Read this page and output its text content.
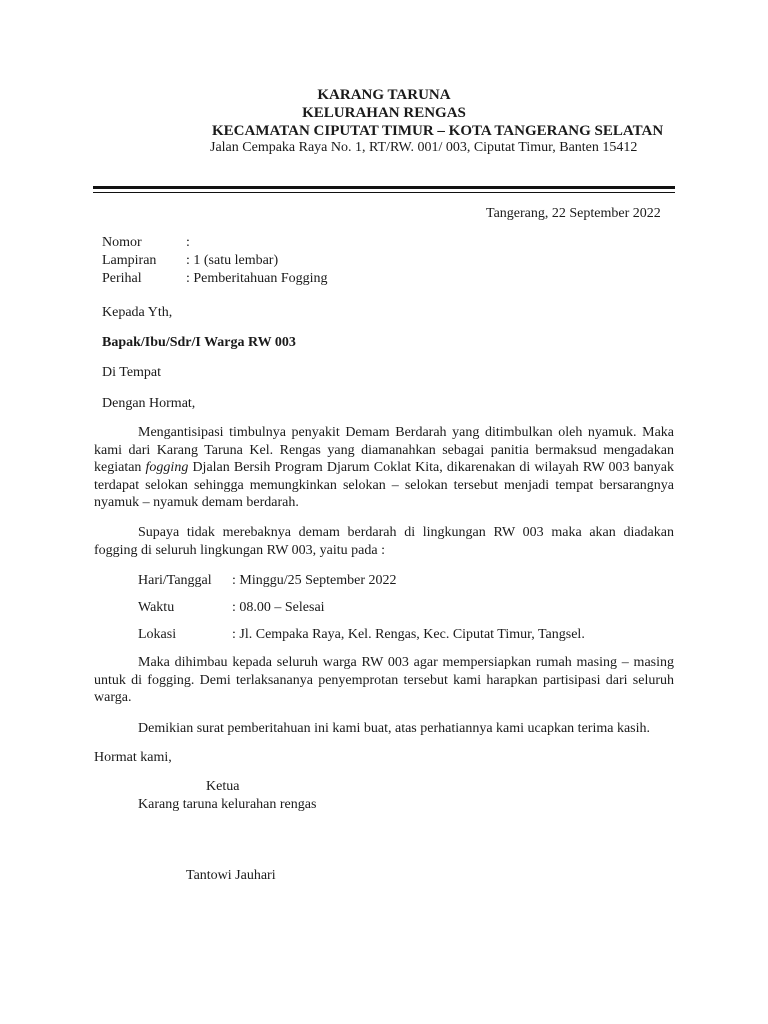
KARANG TARUNA
KELURAHAN RENGAS
KECAMATAN CIPUTAT TIMUR – KOTA TANGERANG SELATAN
Jalan Cempaka Raya No. 1, RT/RW. 001/ 003, Ciputat Timur, Banten 15412
Tangerang, 22 September 2022
Nomor	:
Lampiran : 1 (satu lembar)
Perihal	: Pemberitahuan Fogging
Kepada Yth,
Bapak/Ibu/Sdr/I Warga RW 003
Di Tempat
Dengan Hormat,
Mengantisipasi timbulnya penyakit Demam Berdarah yang ditimbulkan oleh nyamuk. Maka kami dari Karang Taruna Kel. Rengas yang diamanahkan sebagai panitia bermaksud mengadakan kegiatan fogging Djalan Bersih Program Djarum Coklat Kita, dikarenakan di wilayah RW 003 banyak terdapat selokan sehingga memungkinkan selokan – selokan tersebut menjadi tempat bersarangnya nyamuk – nyamuk demam berdarah.
Supaya tidak merebaknya demam berdarah di lingkungan RW 003 maka akan diadakan fogging di seluruh lingkungan RW 003, yaitu pada :
Hari/Tanggal : Minggu/25 September 2022
Waktu	: 08.00 – Selesai
Lokasi	: Jl. Cempaka Raya, Kel. Rengas, Kec. Ciputat Timur, Tangsel.
Maka dihimbau kepada seluruh warga RW 003 agar mempersiapkan rumah masing – masing untuk di fogging. Demi terlaksananya penyemprotan tersebut kami harapkan partisipasi dari seluruh warga.
Demikian surat pemberitahuan ini kami buat, atas perhatiannya kami ucapkan terima kasih.
Hormat kami,
Ketua
Karang taruna kelurahan rengas
Tantowi Jauhari
